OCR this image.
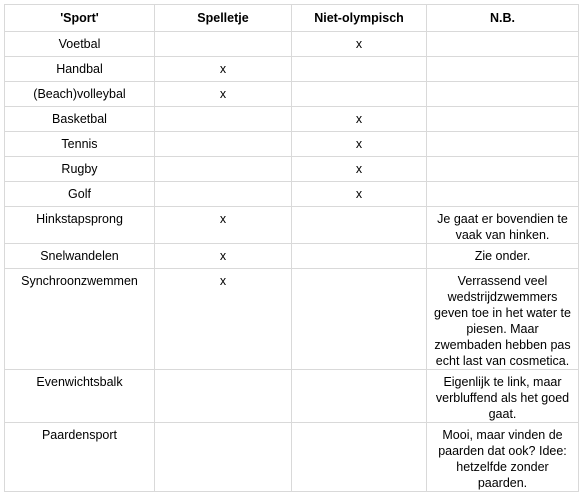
'Sport'	Spelletje	Niet-olympisch	N.B.
Voetbal		x	
Handbal	x		
(Beach)volleybal	x		
Basketbal		x	
Tennis		x	
Rugby		x	
Golf		x	
Hinkstapsprong	x		Je gaat er bovendien te vaak van hinken.
Snelwandelen	x		Zie onder.
Synchroonzwemmen	x		Verrassend veel wedstrijdzwemmers geven toe in het water te piesen. Maar zwembaden hebben pas echt last van cosmetica.
Evenwichtsbalk			Eigenlijk te link, maar verbluffend als het goed gaat.
Paardensport			Mooi, maar vinden de paarden dat ook? Idee: hetzelfde zonder paarden.
